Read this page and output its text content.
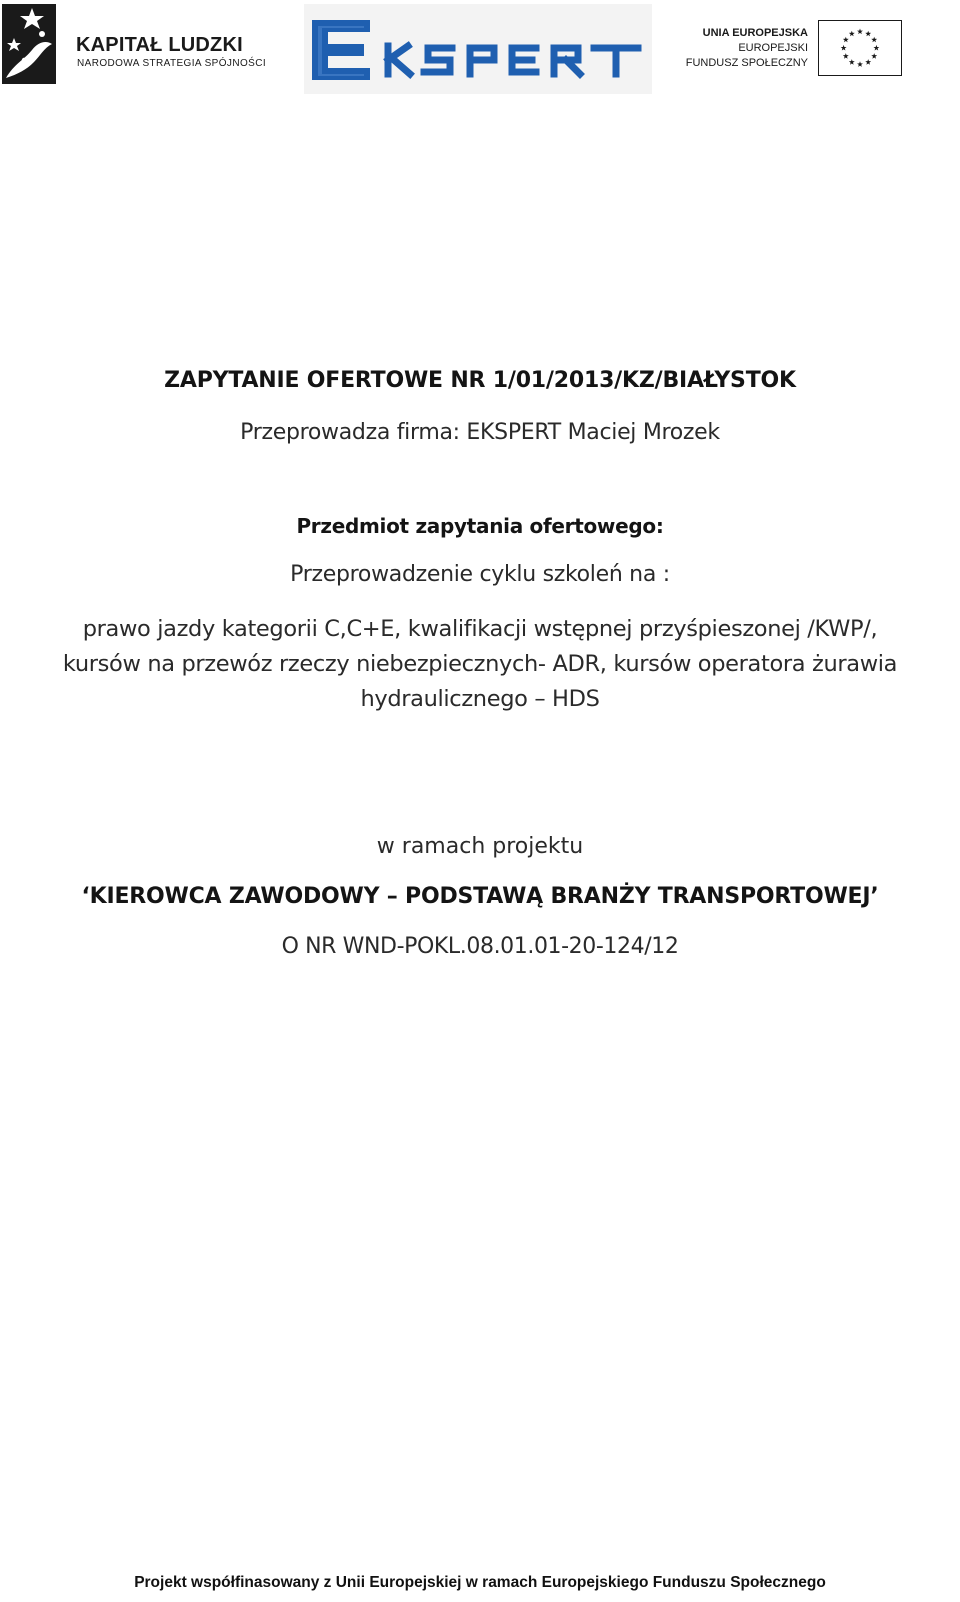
KAPITAŁ LUDZKI
NARODOWA STRATEGIA SPÓJNOŚCI
UNIA EUROPEJSKA
EUROPEJSKI
FUNDUSZ SPOŁECZNY
ZAPYTANIE OFERTOWE NR 1/01/2013/KZ/BIAŁYSTOK
Przeprowadza firma: EKSPERT Maciej Mrozek
Przedmiot zapytania ofertowego:
Przeprowadzenie cyklu szkoleń na :
prawo jazdy kategorii C,C+E, kwalifikacji wstępnej przyśpieszonej /KWP/,
kursów na przewóz rzeczy niebezpiecznych- ADR, kursów operatora żurawia
hydraulicznego – HDS
w ramach projektu
‘KIEROWCA ZAWODOWY – PODSTAWĄ BRANŻY TRANSPORTOWEJ’
O NR WND-POKL.08.01.01-20-124/12
Projekt współfinasowany z Unii Europejskiej w ramach Europejskiego Funduszu Społecznego
